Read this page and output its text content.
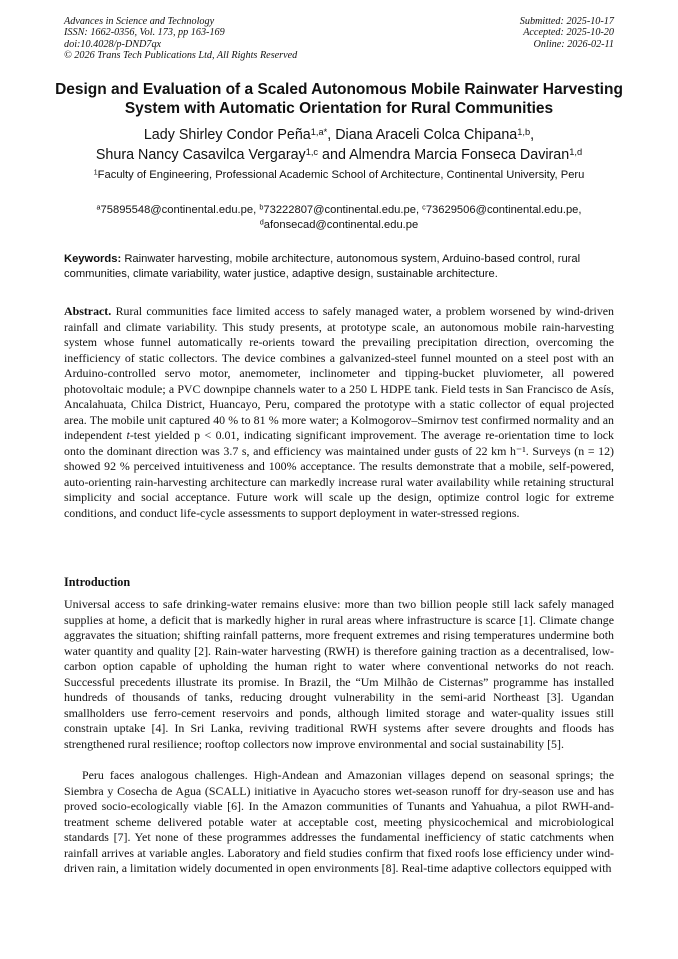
Advances in Science and Technology
ISSN: 1662-0356, Vol. 173, pp 163-169
doi:10.4028/p-DND7qx
© 2026 Trans Tech Publications Ltd, All Rights Reserved
Submitted: 2025-10-17
Accepted: 2025-10-20
Online: 2026-02-11
Design and Evaluation of a Scaled Autonomous Mobile Rainwater Harvesting System with Automatic Orientation for Rural Communities
Lady Shirley Condor Peña$^{1,a*}$, Diana Araceli Colca Chipana$^{1,b}$,
Shura Nancy Casavilca Vergaray$^{1,c}$ and Almendra Marcia Fonseca Daviran$^{1,d}$
$^1$Faculty of Engineering, Professional Academic School of Architecture, Continental University, Peru
$^a$75895548@continental.edu.pe, $^b$73222807@continental.edu.pe, $^c$73629506@continental.edu.pe,
$^d$afonsecad@continental.edu.pe
Keywords: Rainwater harvesting, mobile architecture, autonomous system, Arduino-based control, rural communities, climate variability, water justice, adaptive design, sustainable architecture.
Abstract. Rural communities face limited access to safely managed water, a problem worsened by wind-driven rainfall and climate variability. This study presents, at prototype scale, an autonomous mobile rain-harvesting system whose funnel automatically re-orients toward the prevailing precipitation direction, overcoming the inefficiency of static collectors. The device combines a galvanized-steel funnel mounted on a steel post with an Arduino-controlled servo motor, anemometer, inclinometer and tipping-bucket pluviometer, all powered photovoltaic module; a PVC downpipe channels water to a 250 L HDPE tank. Field tests in San Francisco de Asís, Ancalahuata, Chilca District, Huancayo, Peru, compared the prototype with a static collector of equal projected area. The mobile unit captured 40 % to 81 % more water; a Kolmogorov–Smirnov test confirmed normality and an independent t-test yielded p < 0.01, indicating significant improvement. The average re-orientation time to lock onto the dominant direction was 3.7 s, and efficiency was maintained under gusts of 22 km h⁻¹. Surveys (n = 12) showed 92 % perceived intuitiveness and 100% acceptance. The results demonstrate that a mobile, self-powered, auto-orienting rain-harvesting architecture can markedly increase rural water availability while retaining structural simplicity and social acceptance. Future work will scale up the design, optimize control logic for extreme conditions, and conduct life-cycle assessments to support deployment in water-stressed regions.
Introduction
Universal access to safe drinking-water remains elusive: more than two billion people still lack safely managed supplies at home, a deficit that is markedly higher in rural areas where infrastructure is scarce [1]. Climate change aggravates the situation; shifting rainfall patterns, more frequent extremes and rising temperatures undermine both water quantity and quality [2]. Rain-water harvesting (RWH) is therefore gaining traction as a decentralised, low-carbon option capable of upholding the human right to water where conventional networks do not reach. Successful precedents illustrate its promise. In Brazil, the “Um Milhão de Cisternas” programme has installed hundreds of thousands of tanks, reducing drought vulnerability in the semi-arid Northeast [3]. Ugandan smallholders use ferro-cement reservoirs and ponds, although limited storage and water-quality issues still constrain uptake [4]. In Sri Lanka, reviving traditional RWH systems after severe droughts and floods has strengthened rural resilience; rooftop collectors now improve environmental and social sustainability [5].
Peru faces analogous challenges. High-Andean and Amazonian villages depend on seasonal springs; the Siembra y Cosecha de Agua (SCALL) initiative in Ayacucho stores wet-season runoff for dry-season use and has proved socio-ecologically viable [6]. In the Amazon communities of Tunants and Yahuahua, a pilot RWH-and-treatment scheme delivered potable water at acceptable cost, meeting physicochemical and microbiological standards [7]. Yet none of these programmes addresses the fundamental inefficiency of static catchments when rainfall arrives at variable angles. Laboratory and field studies confirm that fixed roofs lose efficiency under wind-driven rain, a limitation widely documented in open environments [8]. Real-time adaptive collectors equipped with
